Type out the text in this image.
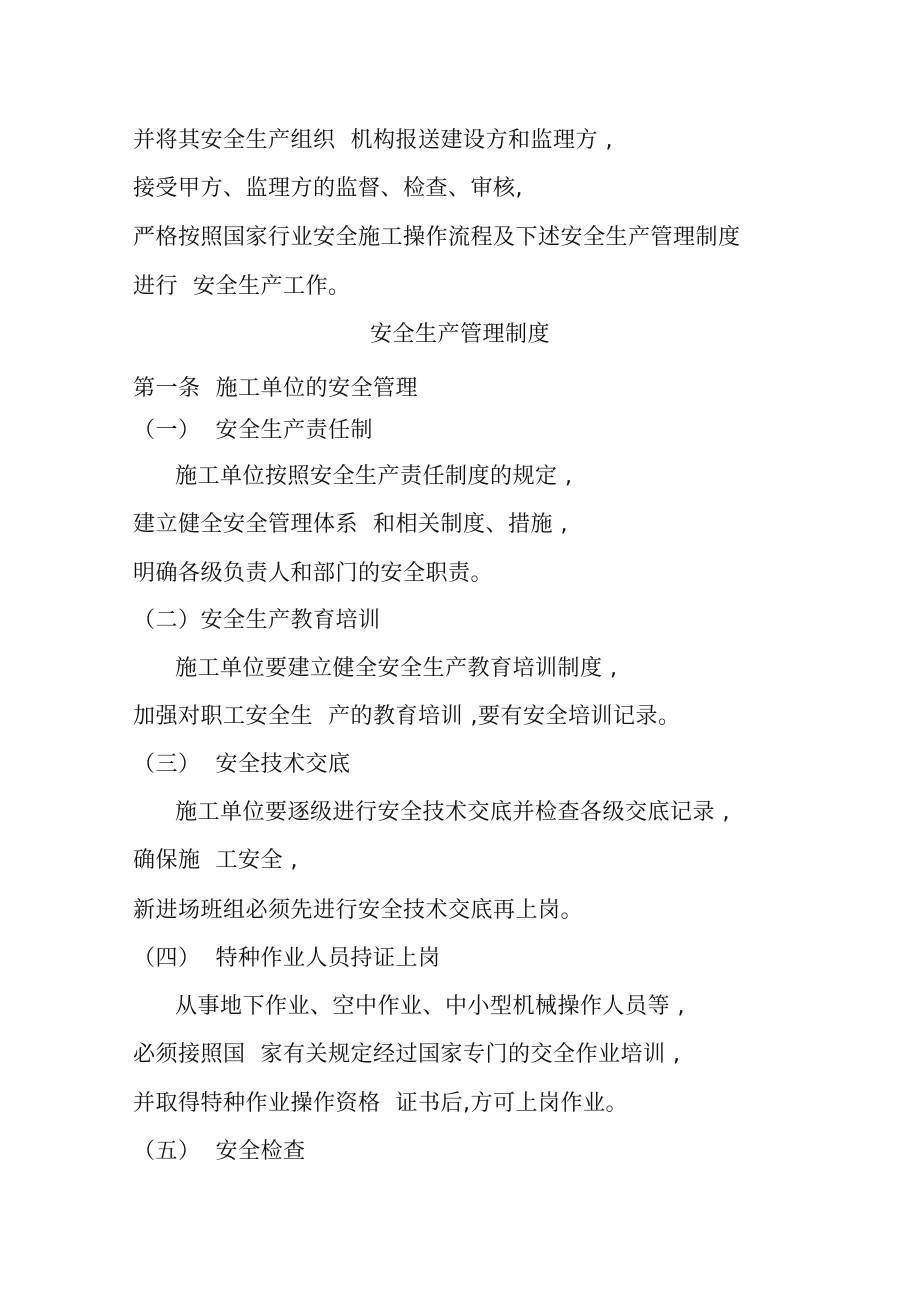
并将其安全生产组织  机构报送建设方和监理方 ,
接受甲方、监理方的监督、检查、审核,
严格按照国家行业安全施工操作流程及下述安全生产管理制度
进行  安全生产工作。
安全生产管理制度
第一条  施工单位的安全管理
（一）  安全生产责任制
施工单位按照安全生产责任制度的规定 ,
建立健全安全管理体系  和相关制度、措施 ,
明确各级负责人和部门的安全职责。
（二）安全生产教育培训
施工单位要建立健全安全生产教育培训制度 ,
加强对职工安全生  产的教育培训 ,要有安全培训记录。
（三）  安全技术交底
施工单位要逐级进行安全技术交底并检查各级交底记录 ,
确保施  工安全 ,
新进场班组必须先进行安全技术交底再上岗。
（四）  特种作业人员持证上岗
从事地下作业、空中作业、中小型机械操作人员等 ,
必须接照国  家有关规定经过国家专门的交全作业培训 ,
并取得特种作业操作资格  证书后,方可上岗作业。
（五）  安全检查
